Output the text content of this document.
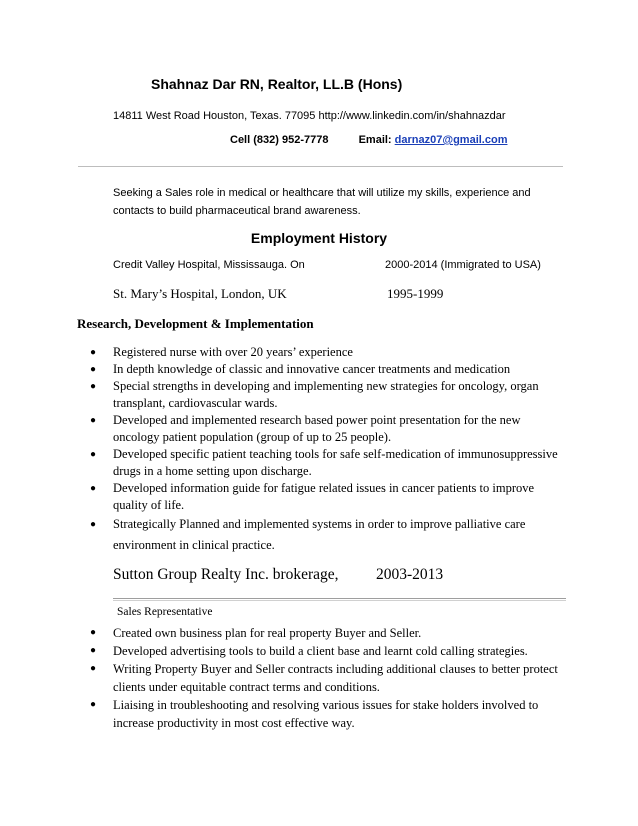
Shahnaz Dar RN, Realtor, LL.B (Hons)
14811 West Road Houston, Texas. 77095 http://www.linkedin.com/in/shahnazdar
Cell (832) 952-7778	Email: darnaz07@gmail.com
Seeking a Sales role in medical or healthcare that will utilize my skills, experience and contacts to build pharmaceutical brand awareness.
Employment History
Credit Valley Hospital, Mississauga. On	2000-2014 (Immigrated to USA)
St. Mary’s Hospital, London, UK	1995-1999
Research, Development & Implementation
● Registered nurse with over 20 years’ experience
● In depth knowledge of classic and innovative cancer treatments and medication
● Special strengths in developing and implementing new strategies for oncology, organ transplant, cardiovascular wards.
● Developed and implemented research based power point presentation for the new oncology patient population (group of up to 25 people).
● Developed specific patient teaching tools for safe self-medication of immunosuppressive drugs in a home setting upon discharge.
● Developed information guide for fatigue related issues in cancer patients to improve quality of life.
● Strategically Planned and implemented systems in order to improve palliative care environment in clinical practice.
Sutton Group Realty Inc. brokerage, 2003-2013
Sales Representative
● Created own business plan for real property Buyer and Seller.
● Developed advertising tools to build a client base and learnt cold calling strategies.
● Writing Property Buyer and Seller contracts including additional clauses to better protect clients under equitable contract terms and conditions.
● Liaising in troubleshooting and resolving various issues for stake holders involved to increase productivity in most cost effective way.
